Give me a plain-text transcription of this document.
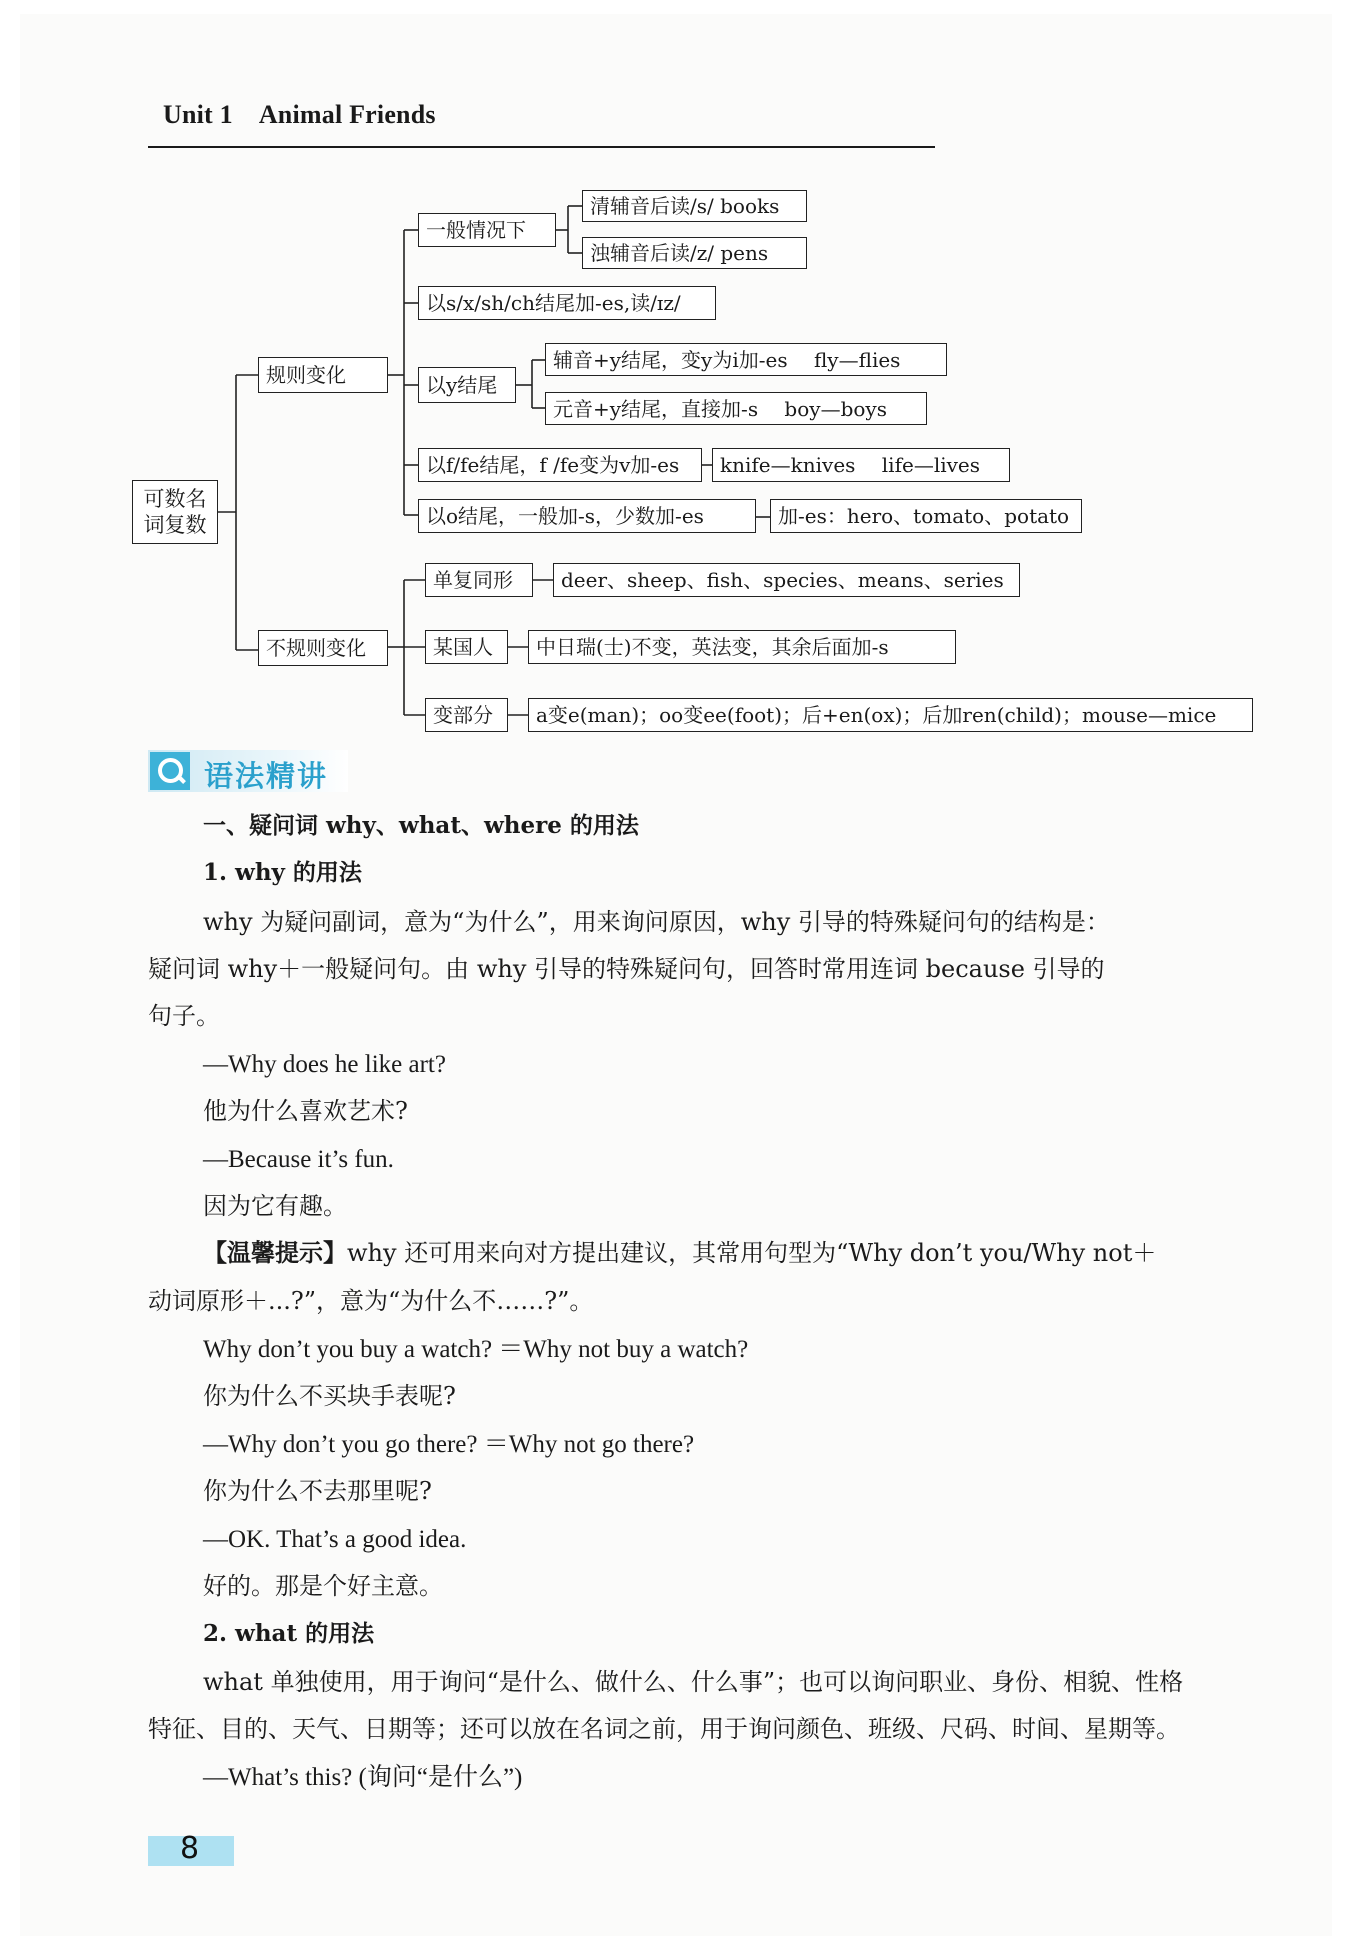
Unit 1 Animal Friends
可数名
词复数
规则变化
不规则变化
一般情况下
清辅音后读/s/ books
浊辅音后读/z/ pens
以s/x/sh/ch结尾加-es,读/ɪz/
以y结尾
辅音+y结尾，变y为i加-es　 fly—flies
元音+y结尾，直接加-s　 boy—boys
以f/fe结尾，f /fe变为v加-es	knife—knives　 life—lives
以o结尾，一般加-s，少数加-es	加-es：hero、tomato、potato
单复同形	deer、sheep、fish、species、means、series
某国人	中日瑞(士)不变，英法变，其余后面加-s
变部分	a变e(man)；oo变ee(foot)；后+en(ox)；后加ren(child)；mouse—mice
语法精讲
一、疑问词 why、what、where 的用法
1. why 的用法
why 为疑问副词，意为“为什么”，用来询问原因，why 引导的特殊疑问句的结构是：
疑问词 why＋一般疑问句。由 why 引导的特殊疑问句，回答时常用连词 because 引导的
句子。
—Why does he like art?
他为什么喜欢艺术?
—Because it’s fun.
因为它有趣。
【温馨提示】why 还可用来向对方提出建议，其常用句型为“Why don’t you/Why not＋
动词原形＋...?”，意为“为什么不……?”。
Why don’t you buy a watch? ＝Why not buy a watch?
你为什么不买块手表呢?
—Why don’t you go there? ＝Why not go there?
你为什么不去那里呢?
—OK. That’s a good idea.
好的。那是个好主意。
2. what 的用法
what 单独使用，用于询问“是什么、做什么、什么事”；也可以询问职业、身份、相貌、性格
特征、目的、天气、日期等；还可以放在名词之前，用于询问颜色、班级、尺码、时间、星期等。
—What’s this? (询问“是什么”)
8
